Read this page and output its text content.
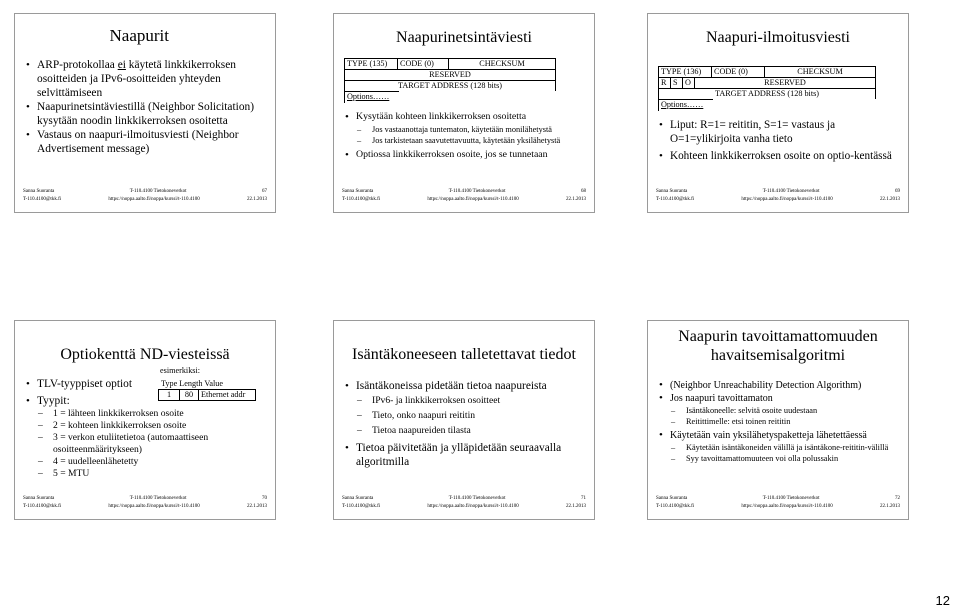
Naapurit
• ARP-protokollaa ei käytetä linkkikerroksen osoitteiden ja IPv6-osoitteiden yhteyden selvittämiseen
• Naapurinetsintäviestillä (Neighbor Solicitation) kysytään noodin linkkikerroksen osoitetta
• Vastaus on naapuri-ilmoitusviesti (Neighbor Advertisement message)
Sanna Suoranta	T-110.4100 Tietokoneverkot	67
T-110.4100@tkk.fi	https://noppa.aalto.fi/noppa/kurssi/t-110.4100	22.1.2013
Naapurinetsintäviesti
TYPE (135)	CODE (0)	CHECKSUM
RESERVED
TARGET ADDRESS (128 bits)
Options……
• Kysytään kohteen linkkikerroksen osoitetta
– Jos vastaanottaja tuntematon, käytetään monilähetystä
– Jos tarkistetaan saavutettavuutta, käytetään yksilähetystä
• Optiossa linkkikerroksen osoite, jos se tunnetaan
Sanna Suoranta	T-110.4100 Tietokoneverkot	68
T-110.4100@tkk.fi	https://noppa.aalto.fi/noppa/kurssi/t-110.4100	22.1.2013
Naapuri-ilmoitusviesti
TYPE (136)	CODE (0)	CHECKSUM
R S O	RESERVED
TARGET ADDRESS (128 bits)
Options……
• Liput: R=1= reititin, S=1= vastaus ja O=1=ylikirjoita vanha tieto
• Kohteen linkkikerroksen osoite on optio-kentässä
Sanna Suoranta	T-110.4100 Tietokoneverkot	69
T-110.4100@tkk.fi	https://noppa.aalto.fi/noppa/kurssi/t-110.4100	22.1.2013
Optiokenttä ND-viesteissä
esimerkiksi:
Type Length Value
1	80 Ethernet addr
• TLV-tyyppiset optiot
• Tyypit:
– 1 = lähteen linkkikerroksen osoite
– 2 = kohteen linkkikerroksen osoite
– 3 = verkon etuliitetietoa (automaattiseen osoitteenmääritykseen)
– 4 = uudelleenlähetetty
– 5 = MTU
Sanna Suoranta	T-110.4100 Tietokoneverkot	70
T-110.4100@tkk.fi	https://noppa.aalto.fi/noppa/kurssi/t-110.4100	22.1.2013
Isäntäkoneeseen talletettavat tiedot
• Isäntäkoneissa pidetään tietoa naapureista
– IPv6- ja linkkikerroksen osoitteet
– Tieto, onko naapuri reititin
– Tietoa naapureiden tilasta
• Tietoa päivitetään ja ylläpidetään seuraavalla algoritmilla
Sanna Suoranta	T-110.4100 Tietokoneverkot	71
T-110.4100@tkk.fi	https://noppa.aalto.fi/noppa/kurssi/t-110.4100	22.1.2013
Naapurin tavoittamattomuuden havaitsemisalgoritmi
• (Neighbor Unreachability Detection Algorithm)
• Jos naapuri tavoittamaton
– Isäntäkoneelle: selvitä osoite uudestaan
– Reitittimelle: etsi toinen reititin
• Käytetään vain yksilähetyspaketteja lähetettäessä
– Käytetään isäntäkoneiden välillä ja isäntäkone-reititin-välillä
– Syy tavoittamattomuuteen voi olla polussakin
Sanna Suoranta	T-110.4100 Tietokoneverkot	72
T-110.4100@tkk.fi	https://noppa.aalto.fi/noppa/kurssi/t-110.4100	22.1.2013
12
